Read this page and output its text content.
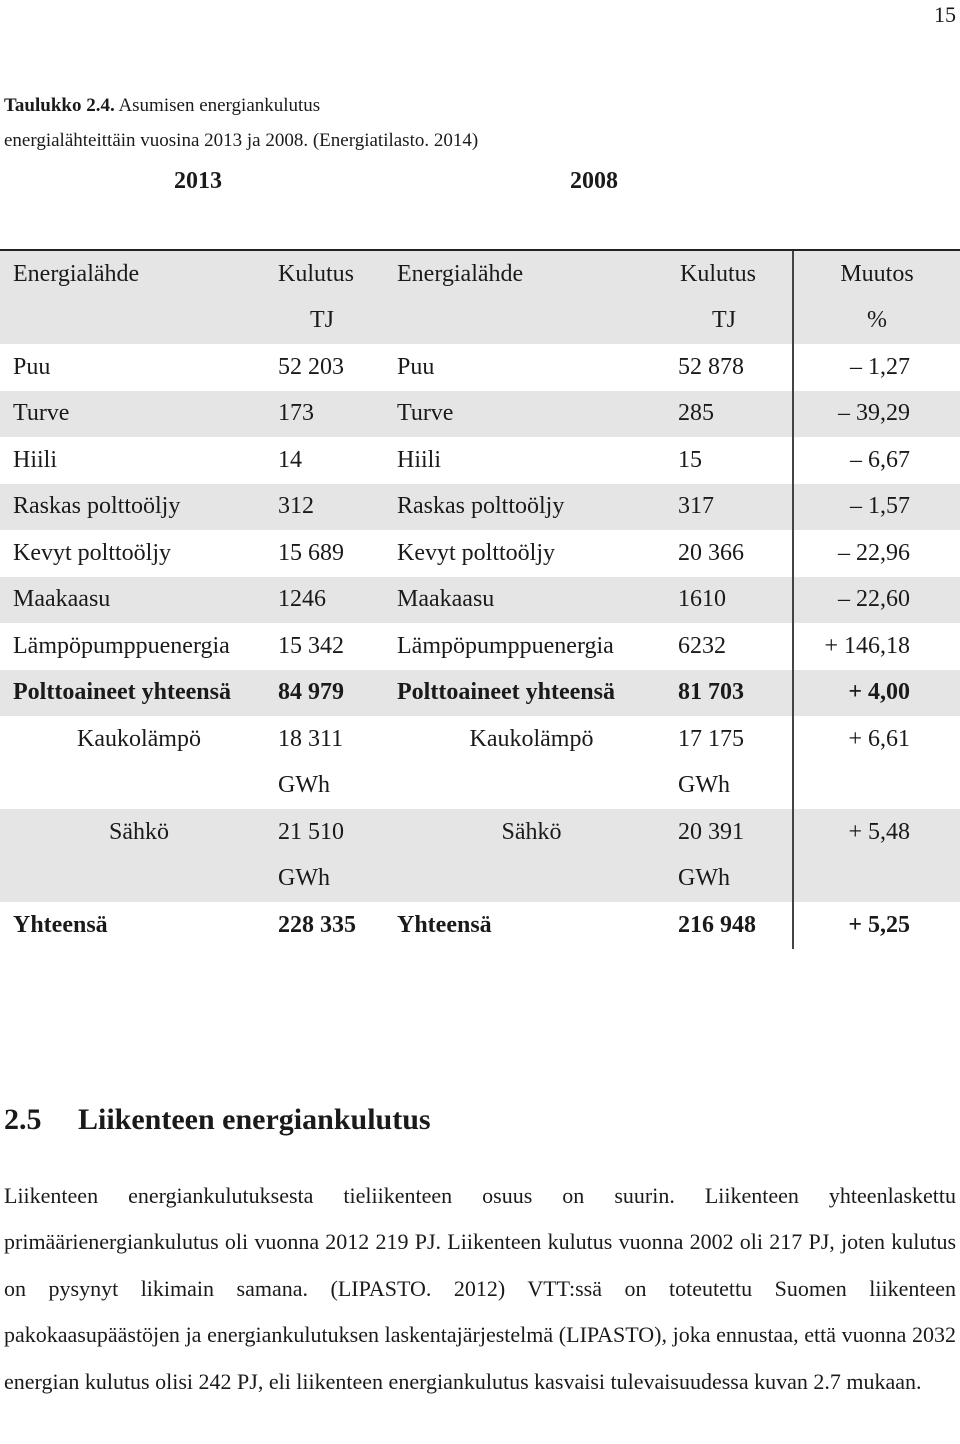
15
Taulukko 2.4. Asumisen energiankulutus
energialähteittäin vuosina 2013 ja 2008. (Energiatilasto. 2014)
2013	2008
Energialähde	Kulutus	Energialähde	Kulutus	Muutos
	TJ		TJ	%
Puu	52 203	Puu	52 878	– 1,27
Turve	173	Turve	285	– 39,29
Hiili	14	Hiili	15	– 6,67
Raskas polttoöljy	312	Raskas polttoöljy	317	– 1,57
Kevyt polttoöljy	15 689	Kevyt polttoöljy	20 366	– 22,96
Maakaasu	1246	Maakaasu	1610	– 22,60
Lämpöpumppuenergia	15 342	Lämpöpumppuenergia	6232	+ 146,18
Polttoaineet yhteensä	84 979	Polttoaineet yhteensä	81 703	+ 4,00
Kaukolämpö	18 311	Kaukolämpö	17 175	+ 6,61
	GWh		GWh	
Sähkö	21 510	Sähkö	20 391	+ 5,48
	GWh		GWh	
Yhteensä	228 335	Yhteensä	216 948	+ 5,25
2.5 Liikenteen energiankulutus

Liikenteen energiankulutuksesta tieliikenteen osuus on suurin. Liikenteen yhteenlaskettu primäärienergiankulutus oli vuonna 2012 219 PJ. Liikenteen kulutus vuonna 2002 oli 217 PJ, joten kulutus on pysynyt likimain samana. (LIPASTO. 2012) VTT:ssä on toteutettu Suomen liikenteen pakokaasupäästöjen ja energiankulutuksen laskentajärjestelmä (LIPASTO), joka ennustaa, että vuonna 2032 energian kulutus olisi 242 PJ, eli liikenteen energiankulutus kasvaisi tulevaisuudessa kuvan 2.7 mukaan.
